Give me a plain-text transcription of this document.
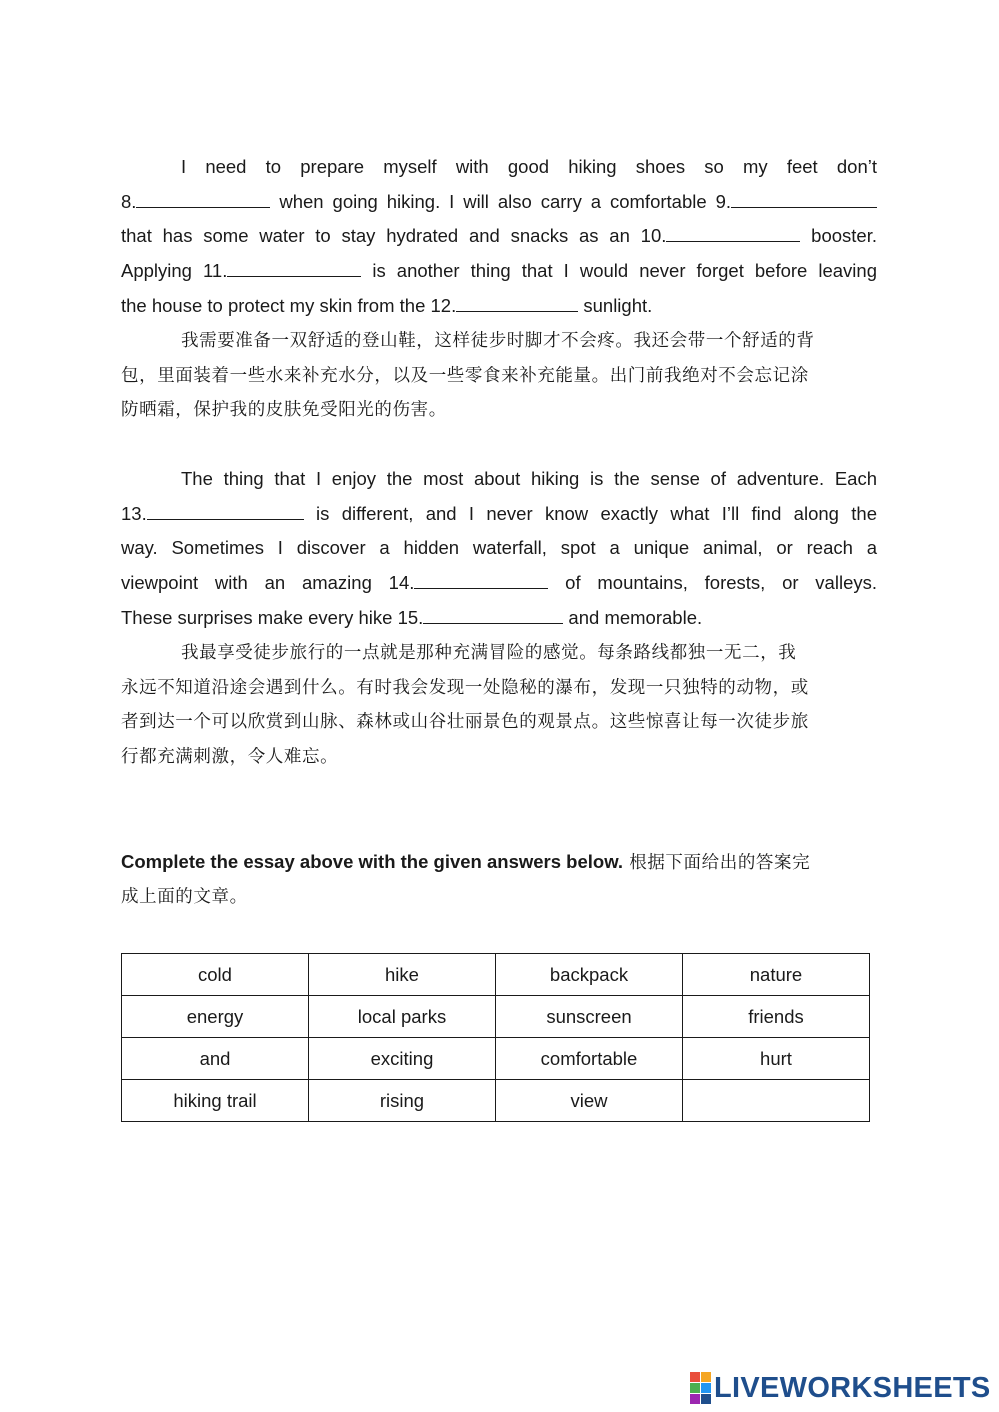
I need to prepare myself with good hiking shoes so my feet don’t
8.	when going hiking. I will also carry a comfortable 9.
that has some water to stay hydrated and snacks as an 10.	booster.
Applying 11.	is another thing that I would never forget before leaving
the house to protect my skin from the 12.	sunlight.
我需要准备一双舒适的登山鞋，这样徒步时脚才不会疼。我还会带一个舒适的背
包，里面装着一些水来补充水分，以及一些零食来补充能量。出门前我绝对不会忘记涂
防晒霜，保护我的皮肤免受阳光的伤害。
The thing that I enjoy the most about hiking is the sense of adventure. Each
13.	is different, and I never know exactly what I’ll find along the
way. Sometimes I discover a hidden waterfall, spot a unique animal, or reach a
viewpoint with an amazing 14.	of mountains, forests, or valleys.
These surprises make every hike 15.	and memorable.
我最享受徒步旅行的一点就是那种充满冒险的感觉。每条路线都独一无二，我
永远不知道沿途会遇到什么。有时我会发现一处隐秘的瀑布，发现一只独特的动物，或
者到达一个可以欣赏到山脉、森林或山谷壮丽景色的观景点。这些惊喜让每一次徒步旅
行都充满刺激，令人难忘。
Complete the essay above with the given answers below. 根据下面给出的答案完
成上面的文章。
cold	hike	backpack	nature
energy	local parks	sunscreen	friends
and	exciting	comfortable	hurt
hiking trail	rising	view	
LIVEWORKSHEETS
